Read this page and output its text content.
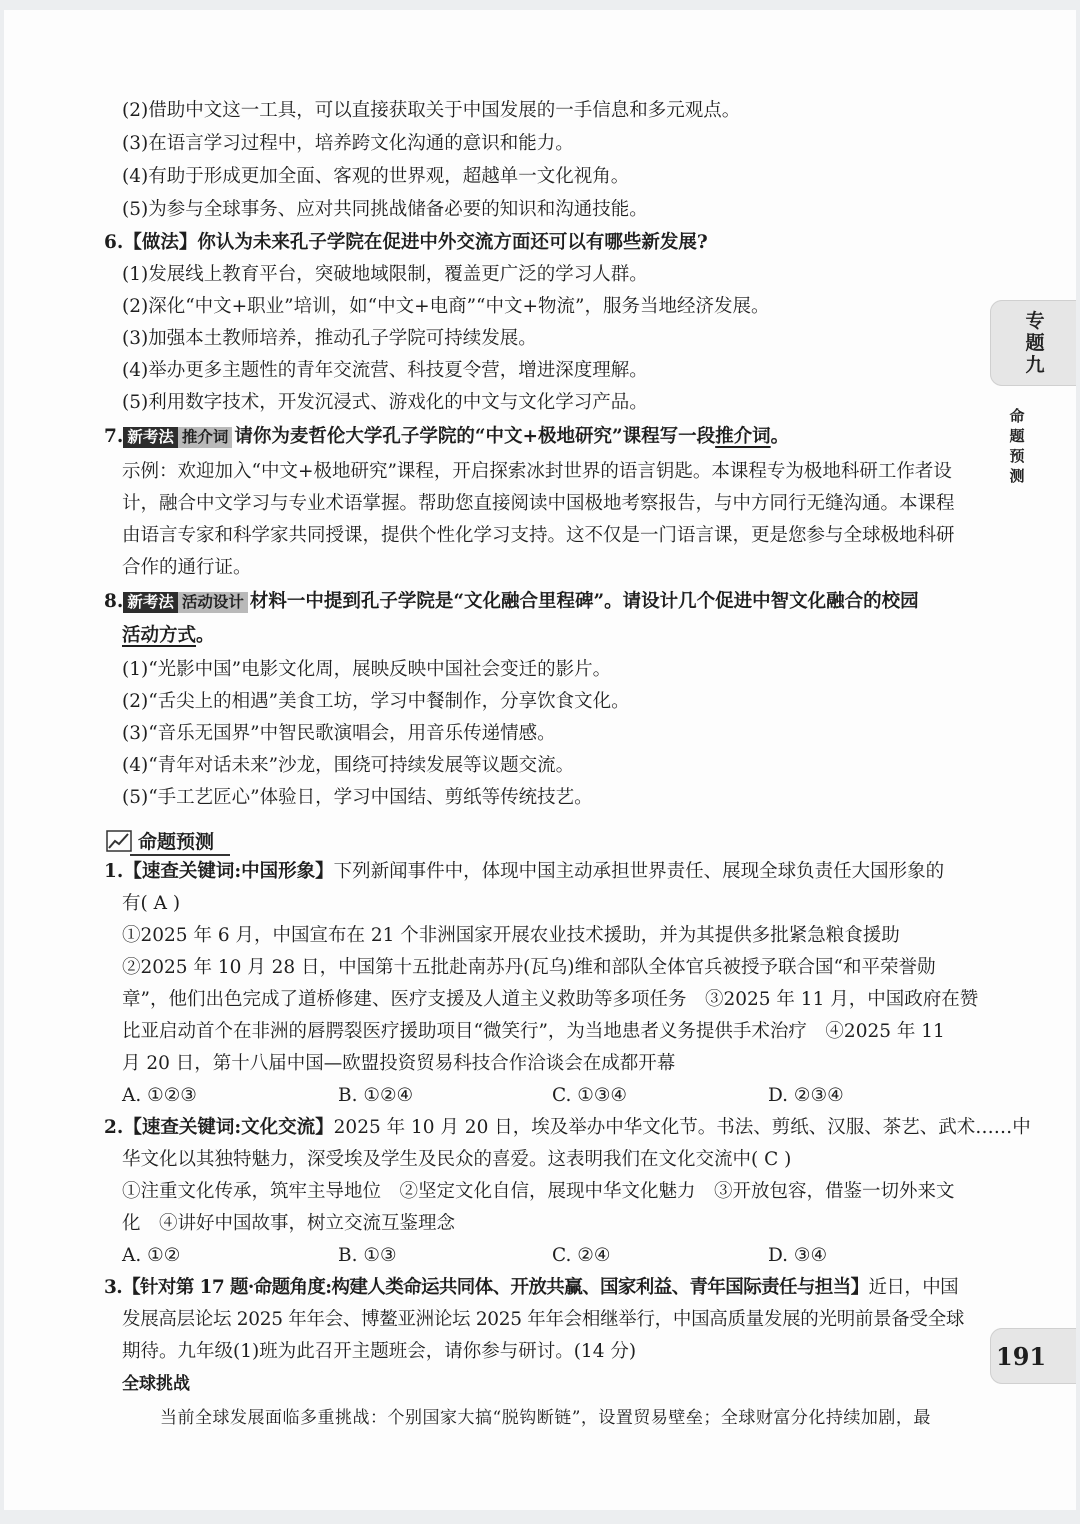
(2)借助中文这一工具，可以直接获取关于中国发展的一手信息和多元观点。
(3)在语言学习过程中，培养跨文化沟通的意识和能力。
(4)有助于形成更加全面、客观的世界观，超越单一文化视角。
(5)为参与全球事务、应对共同挑战储备必要的知识和沟通技能。
6.【做法】你认为未来孔子学院在促进中外交流方面还可以有哪些新发展?
(1)发展线上教育平台，突破地域限制，覆盖更广泛的学习人群。
(2)深化“中文+职业”培训，如“中文+电商”“中文+物流”，服务当地经济发展。
(3)加强本土教师培养，推动孔子学院可持续发展。
(4)举办更多主题性的青年交流营、科技夏令营，增进深度理解。
(5)利用数字技术，开发沉浸式、游戏化的中文与文化学习产品。
7. 新考法 推介词 请你为麦哲伦大学孔子学院的“中文+极地研究”课程写一段推介词。
示例：欢迎加入“中文+极地研究”课程，开启探索冰封世界的语言钥匙。本课程专为极地科研工作者设
计，融合中文学习与专业术语掌握。帮助您直接阅读中国极地考察报告，与中方同行无缝沟通。本课程
由语言专家和科学家共同授课，提供个性化学习支持。这不仅是一门语言课，更是您参与全球极地科研
合作的通行证。
8. 新考法 活动设计 材料一中提到孔子学院是“文化融合里程碑”。请设计几个促进中智文化融合的校园
活动方式。
(1)“光影中国”电影文化周，展映反映中国社会变迁的影片。
(2)“舌尖上的相遇”美食工坊，学习中餐制作，分享饮食文化。
(3)“音乐无国界”中智民歌演唱会，用音乐传递情感。
(4)“青年对话未来”沙龙，围绕可持续发展等议题交流。
(5)“手工艺匠心”体验日，学习中国结、剪纸等传统技艺。
命题预测
1.【速查关键词:中国形象】下列新闻事件中，体现中国主动承担世界责任、展现全球负责任大国形象的
有( A )
①2025 年 6 月，中国宣布在 21 个非洲国家开展农业技术援助，并为其提供多批紧急粮食援助
②2025 年 10 月 28 日，中国第十五批赴南苏丹(瓦乌)维和部队全体官兵被授予联合国“和平荣誉勋
章”，他们出色完成了道桥修建、医疗支援及人道主义救助等多项任务　③2025 年 11 月，中国政府在赞
比亚启动首个在非洲的唇腭裂医疗援助项目“微笑行”，为当地患者义务提供手术治疗　④2025 年 11
月 20 日，第十八届中国—欧盟投资贸易科技合作洽谈会在成都开幕
A. ①②③	B. ①②④	C. ①③④	D. ②③④
2.【速查关键词:文化交流】2025 年 10 月 20 日，埃及举办中华文化节。书法、剪纸、汉服、茶艺、武术……中
华文化以其独特魅力，深受埃及学生及民众的喜爱。这表明我们在文化交流中( C )
①注重文化传承，筑牢主导地位　②坚定文化自信，展现中华文化魅力　③开放包容，借鉴一切外来文
化　④讲好中国故事，树立交流互鉴理念
A. ①②	B. ①③	C. ②④	D. ③④
3.【针对第 17 题·命题角度:构建人类命运共同体、开放共赢、国家利益、青年国际责任与担当】近日，中国
发展高层论坛 2025 年年会、博鳌亚洲论坛 2025 年年会相继举行，中国高质量发展的光明前景备受全球
期待。九年级(1)班为此召开主题班会，请你参与研讨。(14 分)
全球挑战
当前全球发展面临多重挑战：个别国家大搞“脱钩断链”，设置贸易壁垒；全球财富分化持续加剧，最
专
题
九
命
题
预
测
191
